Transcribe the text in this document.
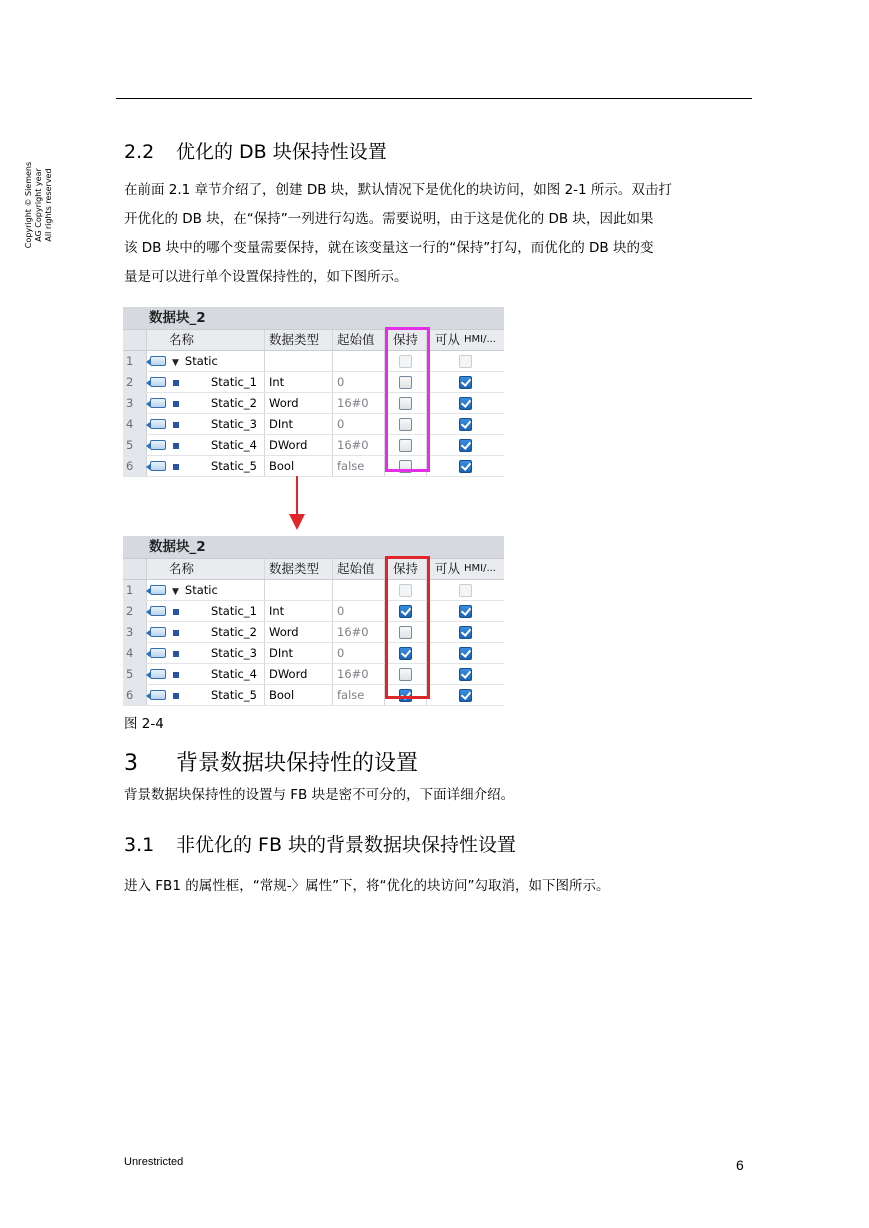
Copyright © Siemens AG Copyright year All rights reserved
2.2 优化的 DB 块保持性设置
在前面 2.1 章节介绍了，创建 DB 块，默认情况下是优化的块访问，如图 2-1 所示。双击打
开优化的 DB 块，在“保持”一列进行勾选。需要说明，由于这是优化的 DB 块，因此如果
该 DB 块中的哪个变量需要保持，就在该变量这一行的“保持”打勾，而优化的 DB 块的变
量是可以进行单个设置保持性的，如下图所示。
数据块_2
名称	数据类型	起始值	保持	可从
HMI/...
1	▼ Static
2	Static_1	Int	0
3	Static_2	Word	16#0
4	Static_3	DInt	0
5	Static_4	DWord	16#0
6	Static_5	Bool	false
数据块_2
名称	数据类型	起始值	保持	可从
HMI/...
1	▼ Static
2	Static_1	Int	0
3	Static_2	Word	16#0
4	Static_3	DInt	0
5	Static_4	DWord	16#0
6	Static_5	Bool	false
图 2-4
3 背景数据块保持性的设置
背景数据块保持性的设置与 FB 块是密不可分的，下面详细介绍。
3.1 非优化的 FB 块的背景数据块保持性设置
进入 FB1 的属性框，“常规-〉属性”下，将“优化的块访问”勾取消，如下图所示。
Unrestricted	6
